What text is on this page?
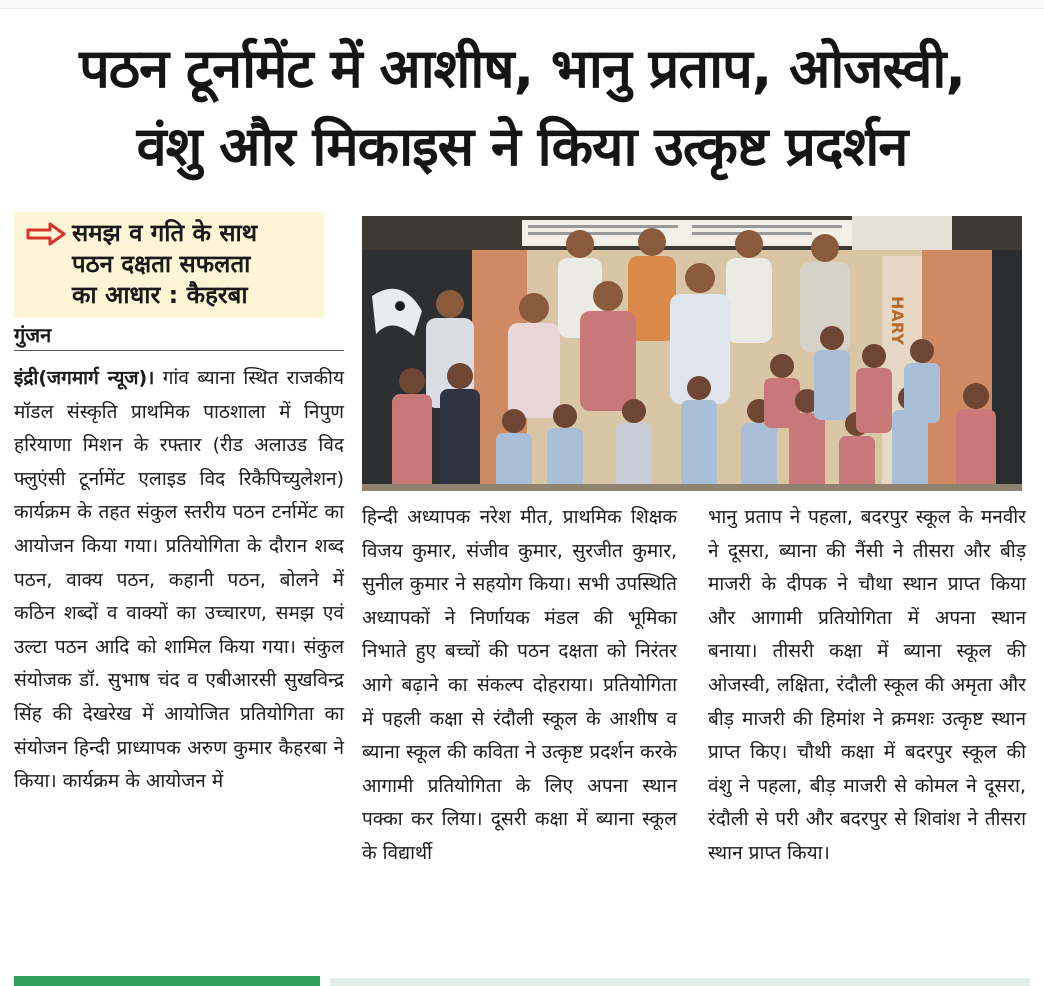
पठन टूर्नामेंट में आशीष, भानु प्रताप, ओजस्वी,
वंशु और मिकाइस ने किया उत्कृष्ट प्रदर्शन
समझ व गति के साथ
पठन दक्षता सफलता
का आधार : कैहरबा
गुंजन

इंद्री(जगमार्ग न्यूज)। गांव ब्याना स्थित राजकीय मॉडल संस्कृति प्राथमिक पाठशाला में निपुण हरियाणा मिशन के रफ्तार (रीड अलाउड विद फ्लुएंसी टूर्नामेंट एलाइड विद रिकैपिच्युलेशन) कार्यक्रम के तहत संकुल स्तरीय पठन टर्नामेंट का आयोजन किया गया। प्रतियोगिता के दौरान शब्द पठन, वाक्य पठन, कहानी पठन, बोलने में कठिन शब्दों व वाक्यों का उच्चारण, समझ एवं उल्टा पठन आदि को शामिल किया गया। संकुल संयोजक डॉ. सुभाष चंद व एबीआरसी सुखविन्द्र सिंह की देखरेख में आयोजित प्रतियोगिता का संयोजन हिन्दी प्राध्यापक अरुण कुमार कैहरबा ने किया। कार्यक्रम के आयोजन में

HARY

हिन्दी अध्यापक नरेश मीत, प्राथमिक शिक्षक विजय कुमार, संजीव कुमार, सुरजीत कुमार, सुनील कुमार ने सहयोग किया। सभी उपस्थिति अध्यापकों ने निर्णायक मंडल की भूमिका निभाते हुए बच्चों की पठन दक्षता को निरंतर आगे बढ़ाने का संकल्प दोहराया। प्रतियोगिता में पहली कक्षा से रंदौली स्कूल के आशीष व ब्याना स्कूल की कविता ने उत्कृष्ट प्रदर्शन करके आगामी प्रतियोगिता के लिए अपना स्थान पक्का कर लिया। दूसरी कक्षा में ब्याना स्कूल के विद्यार्थी

भानु प्रताप ने पहला, बदरपुर स्कूल के मनवीर ने दूसरा, ब्याना की नैंसी ने तीसरा और बीड़ माजरी के दीपक ने चौथा स्थान प्राप्त किया और आगामी प्रतियोगिता में अपना स्थान बनाया। तीसरी कक्षा में ब्याना स्कूल की ओजस्वी, लक्षिता, रंदौली स्कूल की अमृता और बीड़ माजरी की हिमांश ने क्रमशः उत्कृष्ट स्थान प्राप्त किए। चौथी कक्षा में बदरपुर स्कूल की वंशु ने पहला, बीड़ माजरी से कोमल ने दूसरा, रंदौली से परी और बदरपुर से शिवांश ने तीसरा स्थान प्राप्त किया।
